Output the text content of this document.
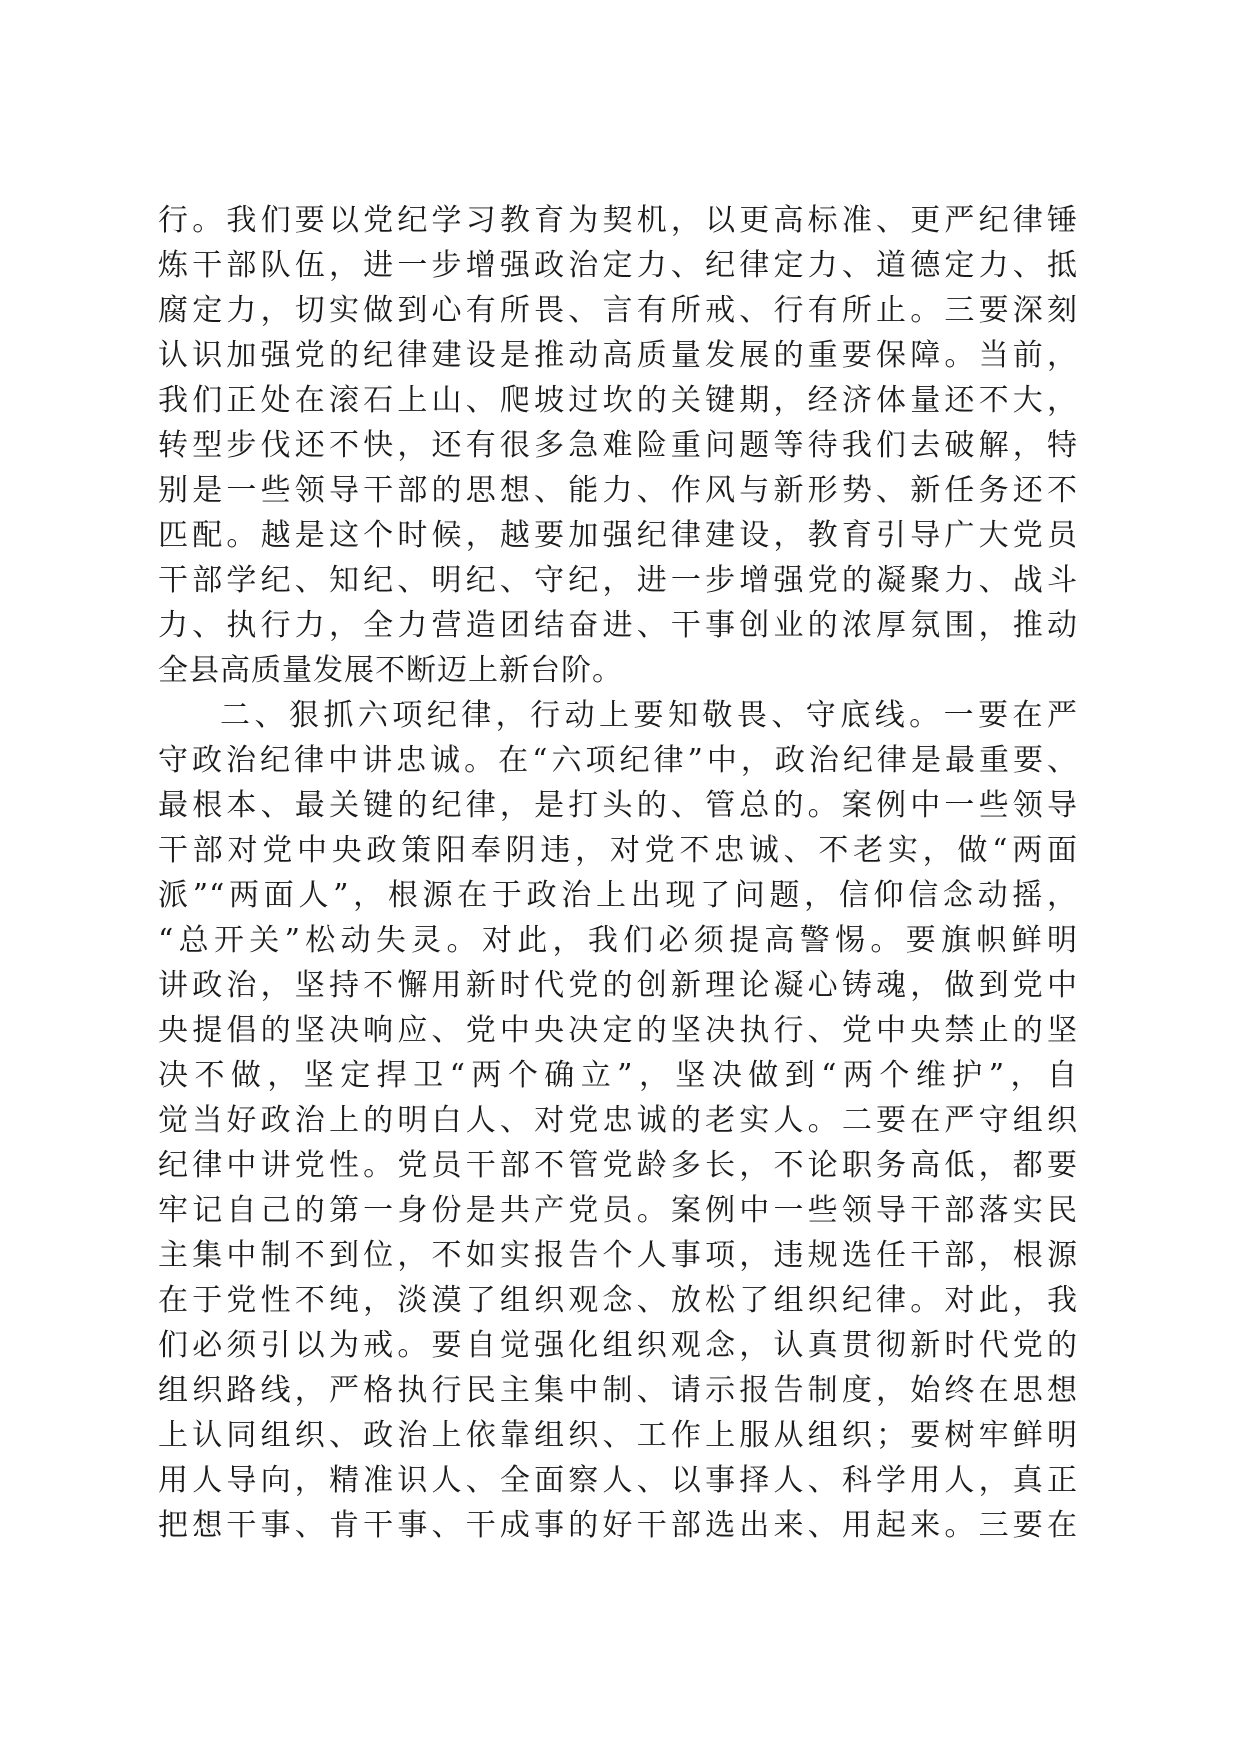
行。我们要以党纪学习教育为契机，以更高标准、更严纪律锤
炼干部队伍，进一步增强政治定力、纪律定力、道德定力、抵
腐定力，切实做到心有所畏、言有所戒、行有所止。三要深刻
认识加强党的纪律建设是推动高质量发展的重要保障。当前，
我们正处在滚石上山、爬坡过坎的关键期，经济体量还不大，
转型步伐还不快，还有很多急难险重问题等待我们去破解，特
别是一些领导干部的思想、能力、作风与新形势、新任务还不
匹配。越是这个时候，越要加强纪律建设，教育引导广大党员
干部学纪、知纪、明纪、守纪，进一步增强党的凝聚力、战斗
力、执行力，全力营造团结奋进、干事创业的浓厚氛围，推动
全县高质量发展不断迈上新台阶。
二、狠抓六项纪律，行动上要知敬畏、守底线。一要在严
守政治纪律中讲忠诚。在“六项纪律”中，政治纪律是最重要、
最根本、最关键的纪律，是打头的、管总的。案例中一些领导
干部对党中央政策阳奉阴违，对党不忠诚、不老实，做“两面
派”“两面人”，根源在于政治上出现了问题，信仰信念动摇，
“总开关”松动失灵。对此，我们必须提高警惕。要旗帜鲜明
讲政治，坚持不懈用新时代党的创新理论凝心铸魂，做到党中
央提倡的坚决响应、党中央决定的坚决执行、党中央禁止的坚
决不做，坚定捍卫“两个确立”，坚决做到“两个维护”，自
觉当好政治上的明白人、对党忠诚的老实人。二要在严守组织
纪律中讲党性。党员干部不管党龄多长，不论职务高低，都要
牢记自己的第一身份是共产党员。案例中一些领导干部落实民
主集中制不到位，不如实报告个人事项，违规选任干部，根源
在于党性不纯，淡漠了组织观念、放松了组织纪律。对此，我
们必须引以为戒。要自觉强化组织观念，认真贯彻新时代党的
组织路线，严格执行民主集中制、请示报告制度，始终在思想
上认同组织、政治上依靠组织、工作上服从组织；要树牢鲜明
用人导向，精准识人、全面察人、以事择人、科学用人，真正
把想干事、肯干事、干成事的好干部选出来、用起来。三要在
